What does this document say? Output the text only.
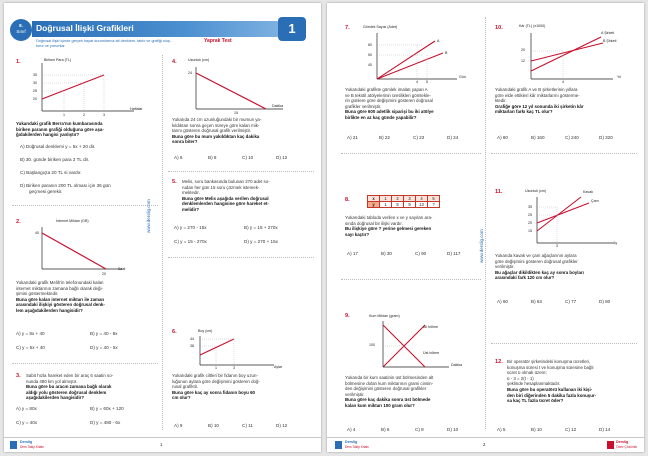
8.
Sınıf	Doğrusal İlişki Grafikleri
Yaprak Test
1
Doğrusal ilişki içinde gerçek hayat durumlarına ait denklem, tablo ve grafiği oluş-
turur ve yorumlar.
www.derslig.com
1.	Biriken Para (TL)
Haftalar
35
30
25
20
1	2	3
Yukarıdaki grafik Berra'nın kumbarasında
biriken paranın grafiği olduğuna göre aşa-
ğıdakilerden hangisi yanlıştır?
A) Doğrusal denklemi y = 5x + 20 dir.
B) 30. günde biriken para 2 TL dir.
C) Başlangıçta 20 TL si vardır.
D) Biriken paranın 200 TL olması için 36 gün
geçmesi gerekir.
2.	İnternet Miktarı (GB)
40
20
Saat
Yukarıdaki grafik Melih'in telefonundaki kalan
internet miktarının zamana bağlı olarak deği-
şimini göstermektedir.
Buna göre kalan internet miktarı ile zaman
arasındaki ilişkiyi gösteren doğrusal denk-
lem aşağıdakilerden hangisidir?
A) y = 8x + 40	B) y = 40 - 8x
C) y = 5x + 40	D) y = 40 - 5x
3. Sabit hızla hareket eden bir araç 6 saatin so-
nunda 480 km yol almıştır.
Buna göre bu aracın zamana bağlı olarak
aldığı yolu gösteren doğrusal denklem
aşağıdakilerden hangisidir?
A) y = 80x	B) y = 60x + 120
C) y = 40x	D) y = 480 - 6x
4.	Uzunluk (cm)
24
15
Dakika
Yukarıda 24 cm uzunluğundaki bir mumun ya-
kıldıktan sonra geçen süreye göre kalan mik-
tarını gösteren doğrusal grafik verilmiştir.
Buna göre bu mum yakıldıktan kaç dakika
sonra biter?
A) 6	B) 8	C) 10	D) 12
5. Melis, soru bankasında bulunan 270 adet so-
rudan her gün 15 soru çözmek istemek-
mektedir.
Buna göre Melis aşağıda verilen doğrusal
denklemlerden hangisine göre hareket et-
melidir?
A) y = 270 - 15x	B) y = 15 + 270x
C) y = 15 - 270x	D) y = 270 + 15x
6.	Boy (cm)
44
38
1	3	Aylar
Yukarıdaki grafik ciltleri bir fidanın boy uzun-
luğunun aylara göre değişimini gösteren doğ-
rusal grafiktir.
Buna göre kaç ay sonra fidanın boyu 60
cm olur?
A) 9	B) 10	C) 11	D) 12
Derslig
Ders Takip Kitabı	1
www.derslig.com
7.	Gömlek Sayısı (Adet)
60
50
40
4 5
Gün
A
B
Yukarıdaki grafikte gömlek imalatı yapan A
ve B tekstil atölyelerinin üretilikleri gömlekle-
rin günlere göre değişimini gösteren doğrusal
grafikler verilmiştir.
Buna göre 600 adetlik siparişi bu iki atölye
birlikte en az kaç günde yapabilir?
A) 21	B) 22	C) 23	D) 24
8.	x	1	2	3	4	5
y	1	5	9	13	?
Yukarıdaki tabloda verilen x ve y sayıları ara-
sında doğrusal bir ilişki vardır.
Bu ilişkiye göre ? yerine gelmesi gereken
sayı kaçtır?
A) 17	B) 30	C) 90	D) 117
9.	Kum Miktarı (gram)
100
Alt bölme
Üst bölme
Dakika
Yukarıda bir kum saatinin üst bölmesinden alt
bölmesine dolan kum miktarının grami cinsin-
den değişimini gösteren doğrusal grafikler
verilmiştir.
Buna göre kaç dakika sonra üst bölmede
kalan kum miktarı 100 gram olur?
A) 4	B) 6	C) 8	D) 10
10.	Kâr (TL) (x1000)
20
12
4
Yıl
A Şirketi
B Şirketi
Yukarıdaki grafik A ve B şirketlerinin yıllara
göre elde ettikleri kâr miktarlarını gösterme-
ktedir.
Grafiğe göre 12 yıl sonunda iki şirketin kâr
miktarları farkı kaç TL olur?
A) 80	B) 160	C) 240	D) 320
11.	Uzunluk (cm)
35
25
20
15
3
Ay
Kavak
Çam
Yukarıda kavak ve çam ağaçlarının aylara
göre değişimini gösteren doğrusal grafikler
verilmiştir.
Bu ağaçlar dikildikten kaç ay sonra boyları
arasındaki fark 120 cm olur?
A) 60	B) 63	C) 77	D) 80
12. Bir operatör şirketindeki konuşma ücretleri,
konuşma süresi t ve konuşma süresine bağlı
ücret ü olmak üzere;
ü - 3 = 2(t - 1)
şeklinde hesaplanmaktadır.
Buna göre bu operatörü kullanan iki kişi-
den biri diğerinden 5 dakika fazla konuşur-
sa kaç TL fazla ücret öder?
A) 5	B) 10	C) 12	D) 14
Derslig
Ders Takip Kitabı	2	Derslig
Ödev Çözümlü
